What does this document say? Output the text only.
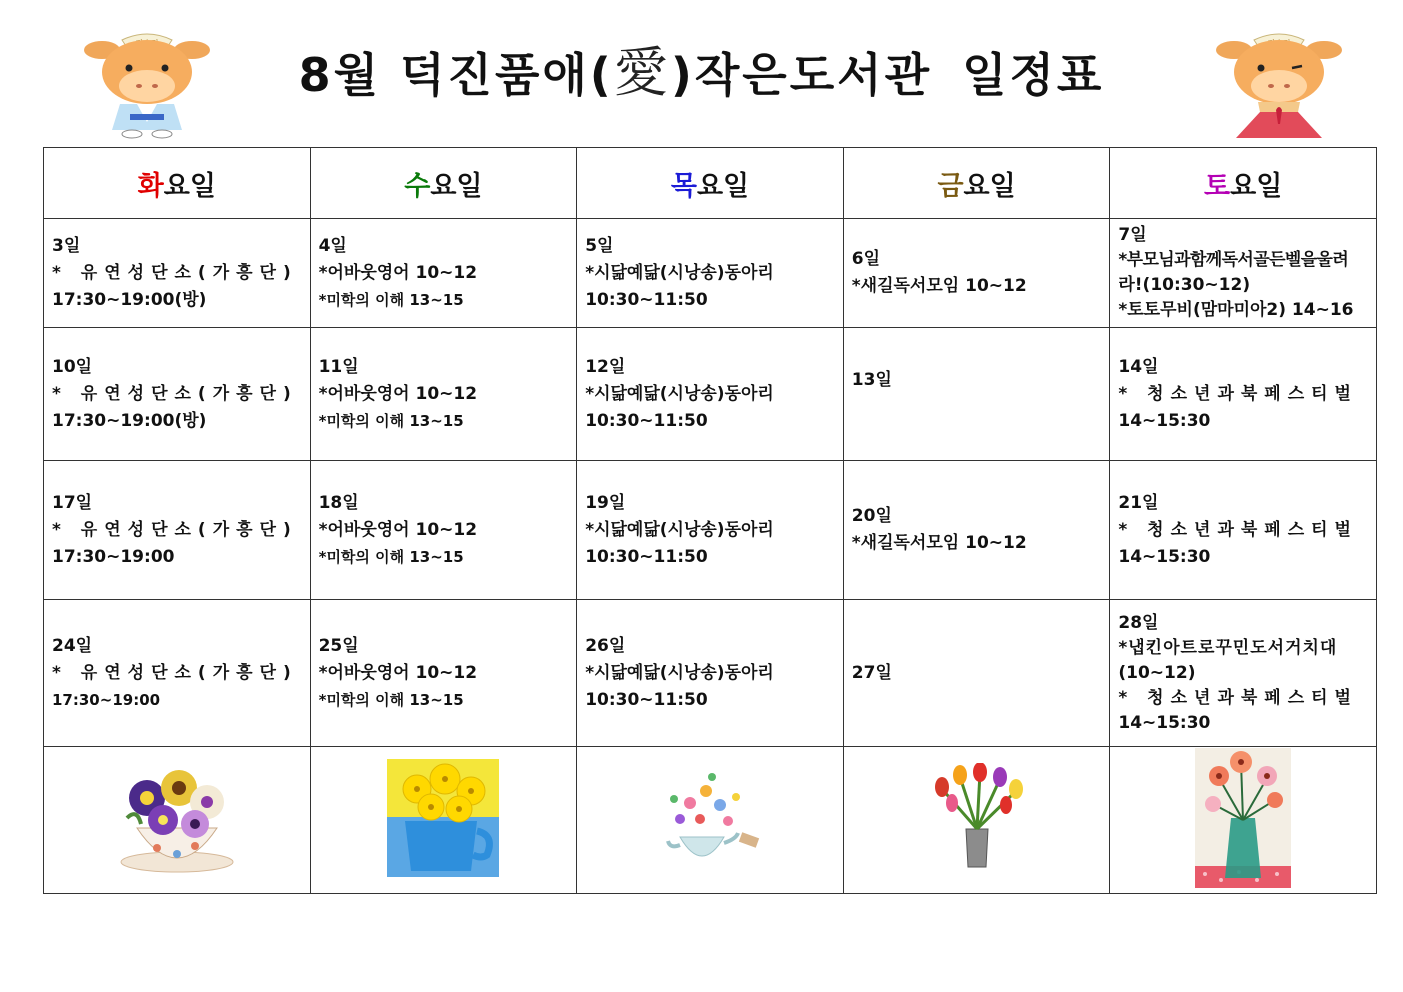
8월 덕진품애(愛)작은도서관 일정표
화요일	수요일	목요일	금요일	토요일

3일
* 유연성단소(가흥단)
17:30~19:00(방)	4일
*어바웃영어 10~12
*미학의 이해 13~15	5일
*시닮예닮(시낭송)동아리
10:30~11:50	6일
*새길독서모임 10~12	7일
*부모님과함께독서골든벨을울려
라!(10:30~12)
*토토무비(맘마미아2) 14~16

10일
* 유연성단소(가흥단)
17:30~19:00(방)	11일
*어바웃영어 10~12
*미학의 이해 13~15	12일
*시닮예닮(시낭송)동아리
10:30~11:50	13일	14일
* 청소년과북페스티벌
14~15:30

17일
* 유연성단소(가흥단)
17:30~19:00	18일
*어바웃영어 10~12
*미학의 이해 13~15	19일
*시닮예닮(시낭송)동아리
10:30~11:50	20일
*새길독서모임 10~12	21일
* 청소년과북페스티벌
14~15:30

24일
* 유연성단소(가흥단)
17:30~19:00	25일
*어바웃영어 10~12
*미학의 이해 13~15	26일
*시닮예닮(시낭송)동아리
10:30~11:50	27일	28일
*냅킨아트로꾸민도서거치대
(10~12)
* 청소년과북페스티벌
14~15:30
